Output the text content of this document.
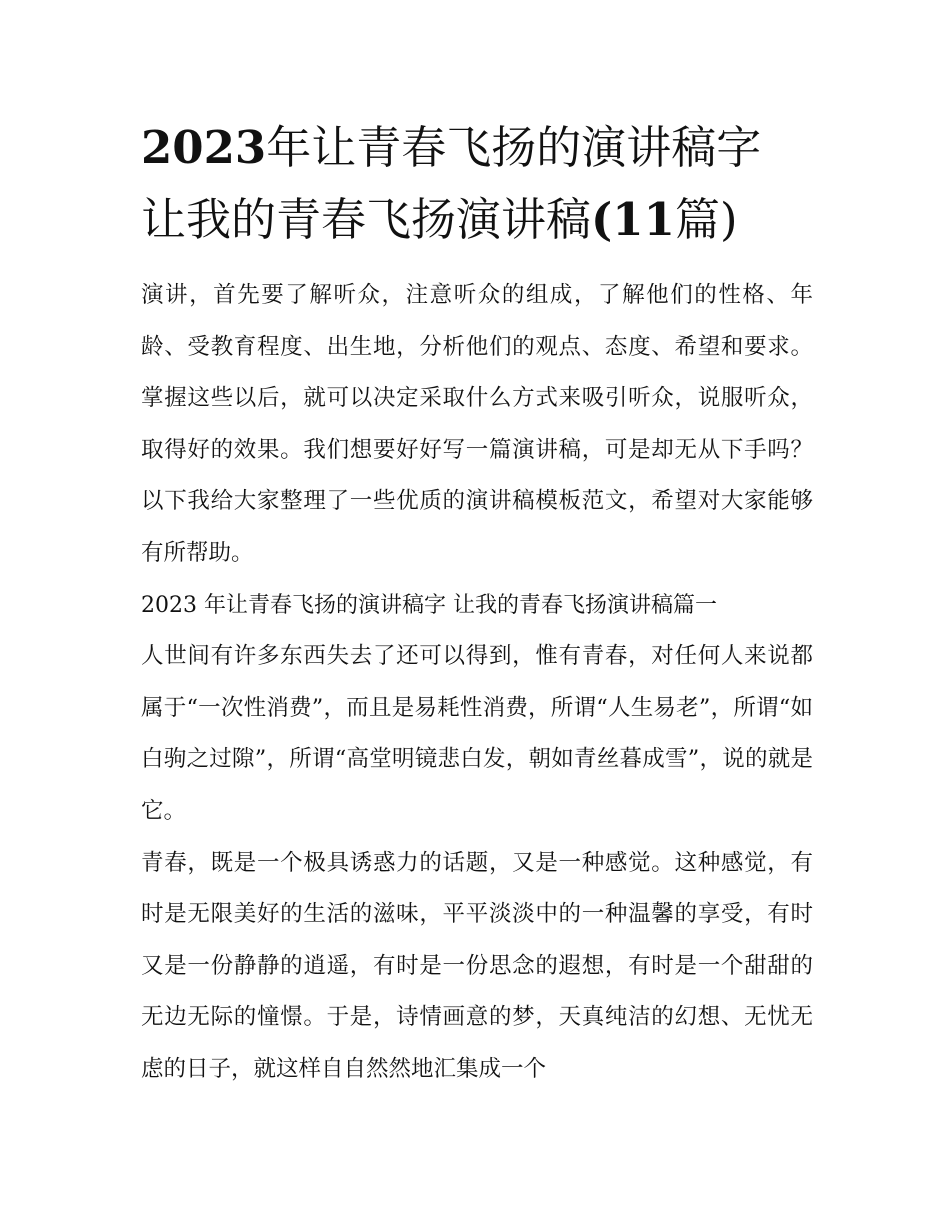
2023年让青春飞扬的演讲稿字
让我的青春飞扬演讲稿(11篇)

演讲，首先要了解听众，注意听众的组成，了解他们的性格、年龄、受教育程度、出生地，分析他们的观点、态度、希望和要求。掌握这些以后，就可以决定采取什么方式来吸引听众，说服听众，取得好的效果。我们想要好好写一篇演讲稿，可是却无从下手吗？以下我给大家整理了一些优质的演讲稿模板范文，希望对大家能够有所帮助。

2023 年让青春飞扬的演讲稿字 让我的青春飞扬演讲稿篇一

人世间有许多东西失去了还可以得到，惟有青春，对任何人来说都属于“一次性消费”，而且是易耗性消费，所谓“人生易老”，所谓“如白驹之过隙”，所谓“高堂明镜悲白发，朝如青丝暮成雪”，说的就是它。

青春，既是一个极具诱惑力的话题，又是一种感觉。这种感觉，有时是无限美好的生活的滋味，平平淡淡中的一种温馨的享受，有时又是一份静静的逍遥，有时是一份思念的遐想，有时是一个甜甜的无边无际的憧憬。于是，诗情画意的梦，天真纯洁的幻想、无忧无虑的日子，就这样自自然然地汇集成一个
